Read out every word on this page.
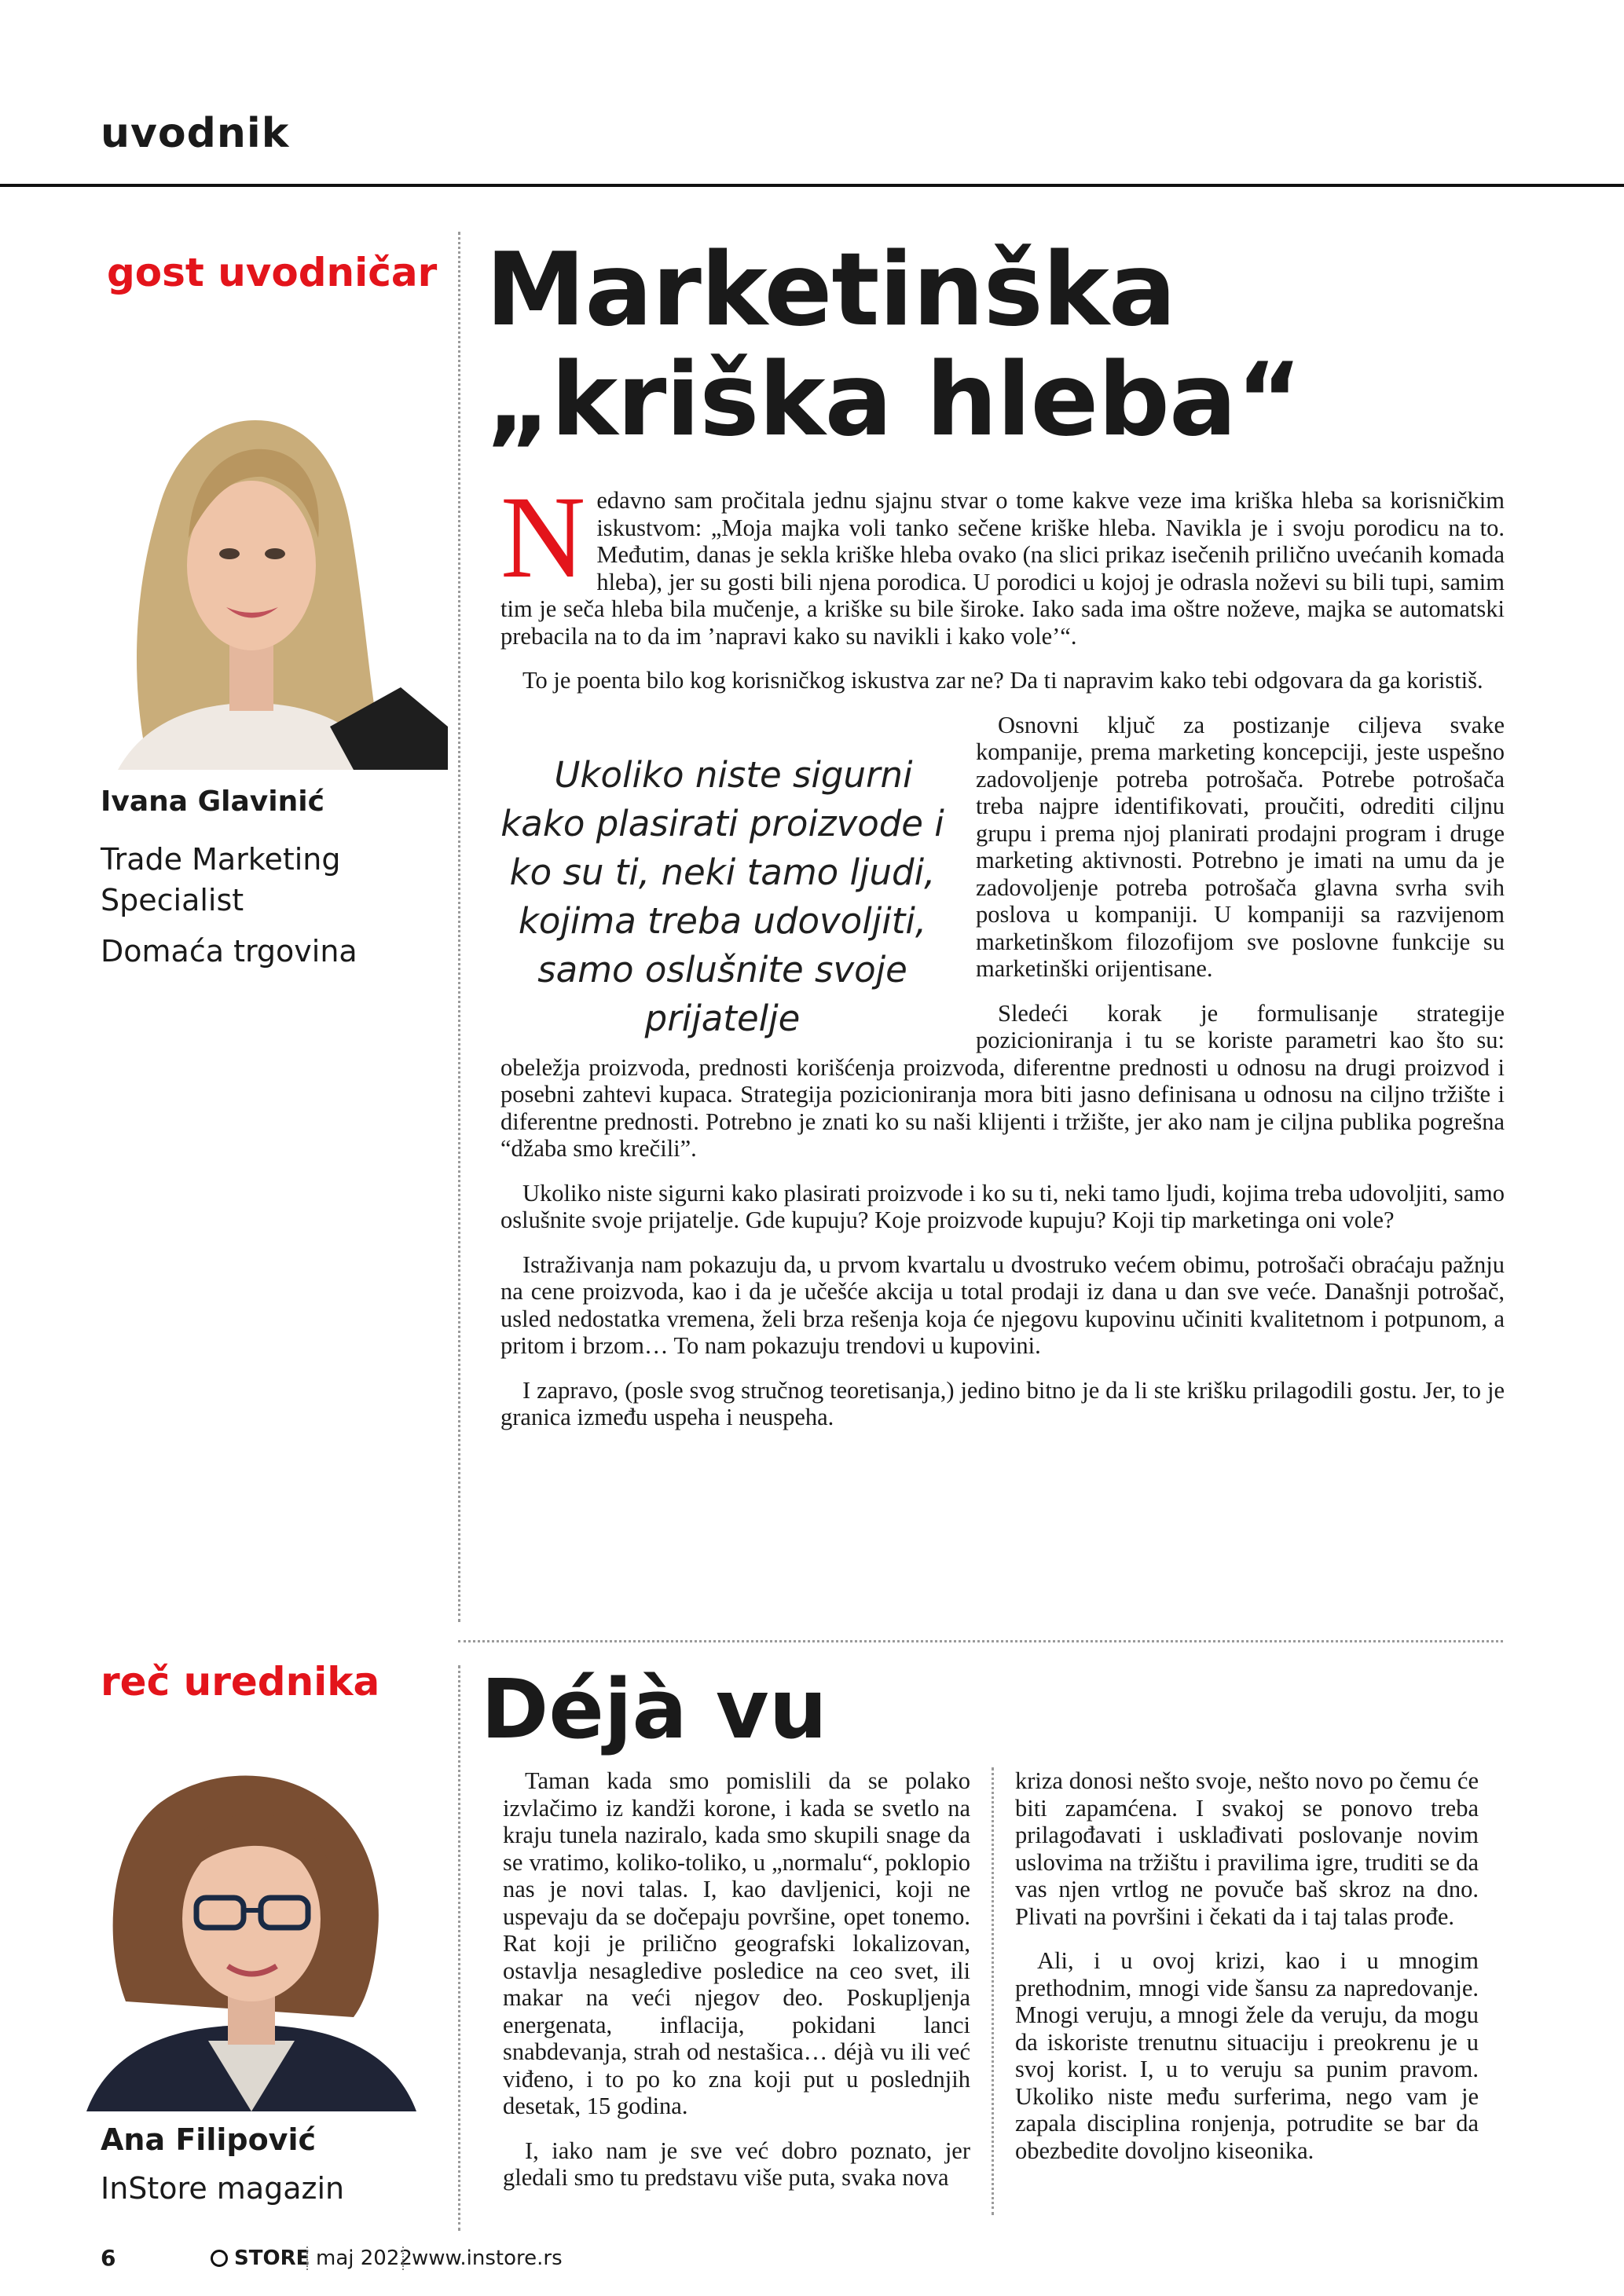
uvodnik
gost uvodničar
Ivana Glavinić
Trade Marketing Specialist
Domaća trgovina
Marketinška
„kriška hleba“

Nedavno sam pročitala jednu sjajnu stvar o tome kakve veze ima kriška hleba sa korisničkim iskustvom: „Moja majka voli tanko sečene kriške hleba. Navikla je i svoju porodicu na to. Međutim, danas je sekla kriške hleba ovako (na slici prikaz isečenih prilično uvećanih komada hleba), jer su gosti bili njena porodica. U porodici u kojoj je odrasla noževi su bili tupi, samim tim je seča hleba bila mučenje, a kriške su bile široke. Iako sada ima oštre noževe, majka se automatski prebacila na to da im ’napravi kako su navikli i kako vole’“.

To je poenta bilo kog korisničkog iskustva zar ne? Da ti napravim kako tebi odgovara da ga koristiš.

Ukoliko niste sigurni kako plasirati proizvode i ko su ti, neki tamo ljudi, kojima treba udovoljiti, samo oslušnite svoje prijatelje
Osnovni ključ za postizanje ciljeva svake kompanije, prema marketing koncepciji, jeste uspešno zadovoljenje potreba potrošača. Potrebe potrošača treba najpre identifikovati, proučiti, odrediti ciljnu grupu i prema njoj planirati prodajni program i druge marketing aktivnosti. Potrebno je imati na umu da je zadovoljenje potreba potrošača glavna svrha svih poslova u kompaniji. U kompaniji sa razvijenom marketinškom filozofijom sve poslovne funkcije su marketinški orijentisane.

Sledeći korak je formulisanje strategije pozicioniranja i tu se koriste parametri kao što su: obeležja proizvoda, prednosti korišćenja proizvoda, diferentne prednosti u odnosu na drugi proizvod i posebni zahtevi kupaca. Strategija pozicioniranja mora biti jasno definisana u odnosu na ciljno tržište i diferentne prednosti. Potrebno je znati ko su naši klijenti i tržište, jer ako nam je ciljna publika pogrešna “džaba smo krečili”.

Ukoliko niste sigurni kako plasirati proizvode i ko su ti, neki tamo ljudi, kojima treba udovoljiti, samo oslušnite svoje prijatelje. Gde kupuju? Koje proizvode kupuju? Koji tip marketinga oni vole?

Istraživanja nam pokazuju da, u prvom kvartalu u dvostruko većem obimu, potrošači obraćaju pažnju na cene proizvoda, kao i da je učešće akcija u total prodaji iz dana u dan sve veće. Današnji potrošač, usled nedostatka vremena, želi brza rešenja koja će njegovu kupovinu učiniti kvalitetnom i potpunom, a pritom i brzom… To nam pokazuju trendovi u kupovini.

I zapravo, (posle svog stručnog teoretisanja,) jedino bitno je da li ste krišku prilagodili gostu. Jer, to je granica između uspeha i neuspeha.

reč urednika
Ana Filipović
InStore magazin
Déjà vu

Taman kada smo pomislili da se polako izvlačimo iz kandži korone, i kada se svetlo na kraju tunela naziralo, kada smo skupili snage da se vratimo, koliko-toliko, u „normalu“, poklopio nas je novi talas. I, kao davljenici, koji ne uspevaju da se dočepaju površine, opet tonemo. Rat koji je prilično geografski lokalizovan, ostavlja nesagledive posledice na ceo svet, ili makar na veći njegov deo. Poskupljenja energenata, inflacija, pokidani lanci snabdevanja, strah od nestašica… déjà vu ili već viđeno, i to po ko zna koji put u poslednjih desetak, 15 godina.

I, iako nam je sve već dobro poznato, jer gledali smo tu predstavu više puta, svaka nova

kriza donosi nešto svoje, nešto novo po čemu će biti zapamćena. I svakoj se ponovo treba prilagođavati i usklađivati poslovanje novim uslovima na tržištu i pravilima igre, truditi se da vas njen vrtlog ne povuče baš skroz na dno. Plivati na površini i čekati da i taj talas prođe.

Ali, i u ovoj krizi, kao i u mnogim prethodnim, mnogi vide šansu za napredovanje. Mnogi veruju, a mnogi žele da veruju, da mogu da iskoriste trenutnu situaciju i preokrenu je u svoj korist. I, u to veruju sa punim pravom. Ukoliko niste među surferima, nego vam je zapala disciplina ronjenja, potrudite se bar da obezbedite dovoljno kiseonika.

6	STORE maj 2022 www.instore.rs
